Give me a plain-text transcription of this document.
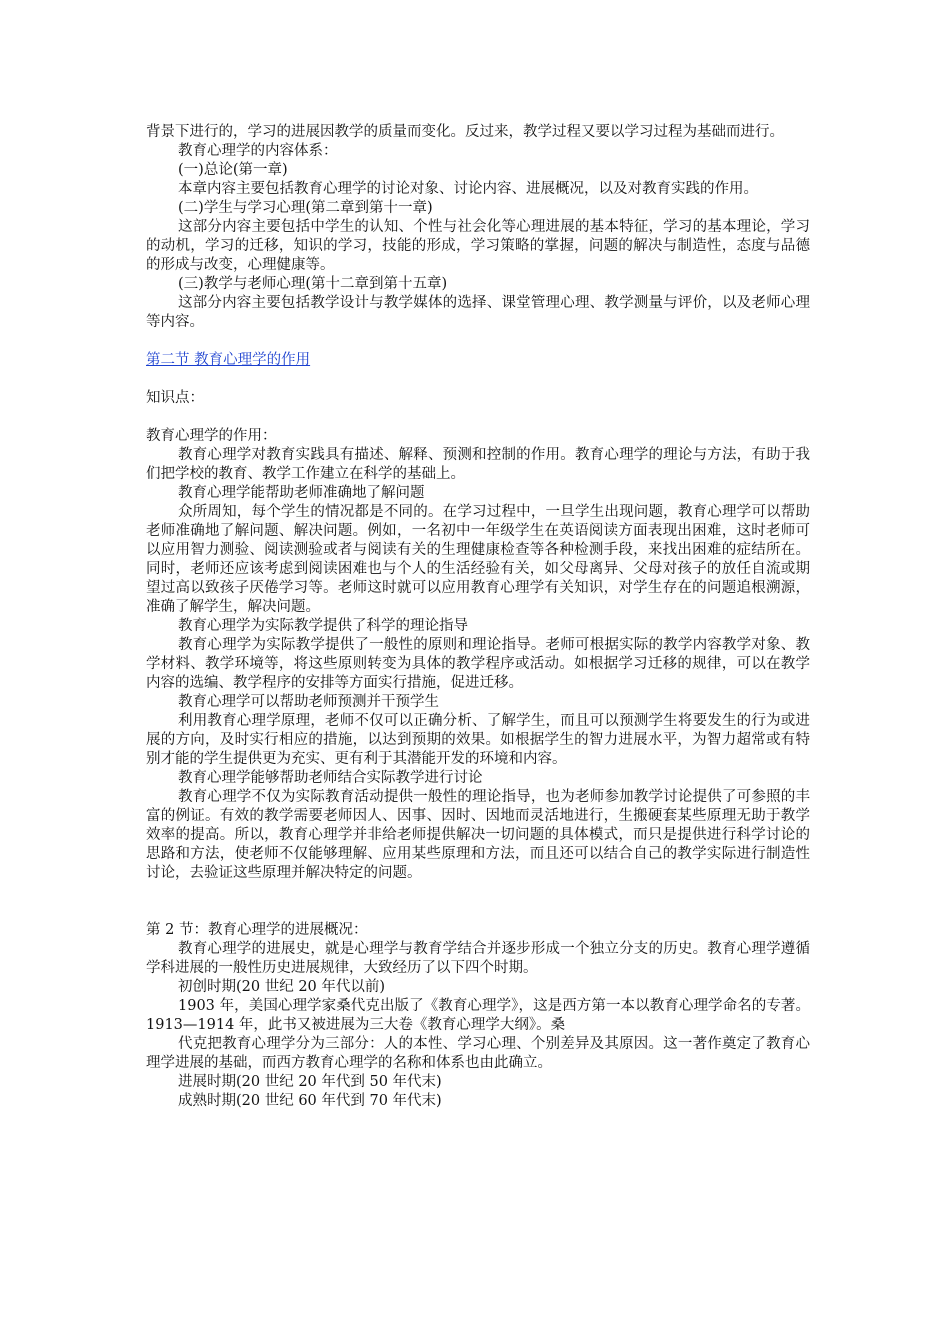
背景下进行的，学习的进展因教学的质量而变化。反过来，教学过程又要以学习过程为基础而进行。

教育心理学的内容体系：

(一)总论(第一章)

本章内容主要包括教育心理学的讨论对象、讨论内容、进展概况，以及对教育实践的作用。

(二)学生与学习心理(第二章到第十一章)

这部分内容主要包括中学生的认知、个性与社会化等心理进展的基本特征，学习的基本理论，学习的动机，学习的迁移，知识的学习，技能的形成，学习策略的掌握，问题的解决与制造性，态度与品德的形成与改变，心理健康等。

(三)教学与老师心理(第十二章到第十五章)

这部分内容主要包括教学设计与教学媒体的选择、课堂管理心理、教学测量与评价，以及老师心理等内容。

第二节 教育心理学的作用

知识点：

教育心理学的作用：

教育心理学对教育实践具有描述、解释、预测和控制的作用。教育心理学的理论与方法，有助于我们把学校的教育、教学工作建立在科学的基础上。

教育心理学能帮助老师准确地了解问题

众所周知，每个学生的情况都是不同的。在学习过程中，一旦学生出现问题，教育心理学可以帮助老师准确地了解问题、解决问题。例如，一名初中一年级学生在英语阅读方面表现出困难，这时老师可以应用智力测验、阅读测验或者与阅读有关的生理健康检查等各种检测手段，来找出困难的症结所在。同时，老师还应该考虑到阅读困难也与个人的生活经验有关，如父母离异、父母对孩子的放任自流或期望过高以致孩子厌倦学习等。老师这时就可以应用教育心理学有关知识，对学生存在的问题追根溯源，准确了解学生，解决问题。

教育心理学为实际教学提供了科学的理论指导

教育心理学为实际教学提供了一般性的原则和理论指导。老师可根据实际的教学内容教学对象、教学材料、教学环境等，将这些原则转变为具体的教学程序或活动。如根据学习迁移的规律，可以在教学内容的选编、教学程序的安排等方面实行措施，促进迁移。

教育心理学可以帮助老师预测并干预学生

利用教育心理学原理，老师不仅可以正确分析、了解学生，而且可以预测学生将要发生的行为或进展的方向，及时实行相应的措施，以达到预期的效果。如根据学生的智力进展水平，为智力超常或有特别才能的学生提供更为充实、更有利于其潜能开发的环境和内容。

教育心理学能够帮助老师结合实际教学进行讨论

教育心理学不仅为实际教育活动提供一般性的理论指导，也为老师参加教学讨论提供了可参照的丰富的例证。有效的教学需要老师因人、因事、因时、因地而灵活地进行，生搬硬套某些原理无助于教学效率的提高。所以，教育心理学并非给老师提供解决一切问题的具体模式，而只是提供进行科学讨论的思路和方法，使老师不仅能够理解、应用某些原理和方法，而且还可以结合自己的教学实际进行制造性讨论，去验证这些原理并解决特定的问题。

第 2 节：教育心理学的进展概况：

教育心理学的进展史，就是心理学与教育学结合并逐步形成一个独立分支的历史。教育心理学遵循学科进展的一般性历史进展规律，大致经历了以下四个时期。

初创时期(20 世纪 20 年代以前)

1903 年，美国心理学家桑代克出版了《教育心理学》，这是西方第一本以教育心理学命名的专著。1913—1914 年，此书又被进展为三大卷《教育心理学大纲》。桑

代克把教育心理学分为三部分：人的本性、学习心理、个别差异及其原因。这一著作奠定了教育心理学进展的基础，而西方教育心理学的名称和体系也由此确立。

进展时期(20 世纪 20 年代到 50 年代末)

成熟时期(20 世纪 60 年代到 70 年代末)
